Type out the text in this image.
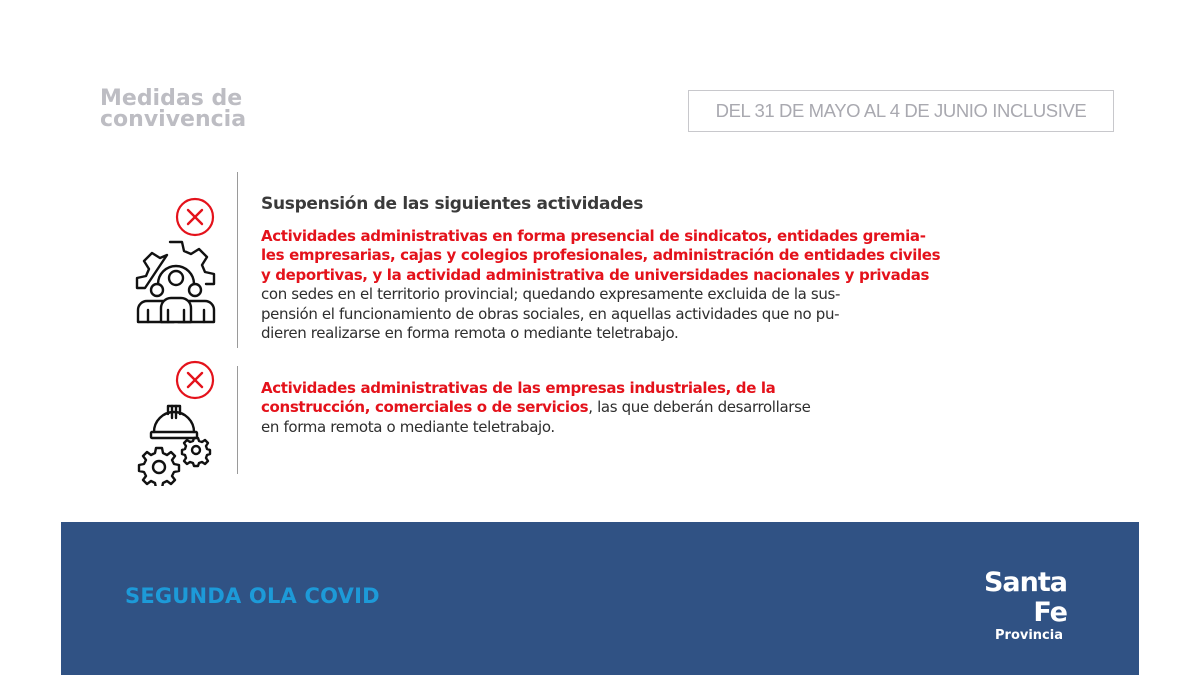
Medidas de
convivencia	DEL 31 DE MAYO AL 4 DE JUNIO INCLUSIVE
Suspensión de las siguientes actividades
Actividades administrativas en forma presencial de sindicatos, entidades gremia-
les empresarias, cajas y colegios profesionales, administración de entidades civiles
y deportivas, y la actividad administrativa de universidades nacionales y privadas
con sedes en el territorio provincial; quedando expresamente excluida de la sus-
pensión el funcionamiento de obras sociales, en aquellas actividades que no pu-
dieren realizarse en forma remota o mediante teletrabajo.
Actividades administrativas de las empresas industriales, de la
construcción, comerciales o de servicios, las que deberán desarrollarse
en forma remota o mediante teletrabajo.
SEGUNDA OLA COVID	Santa Fe
Provincia
